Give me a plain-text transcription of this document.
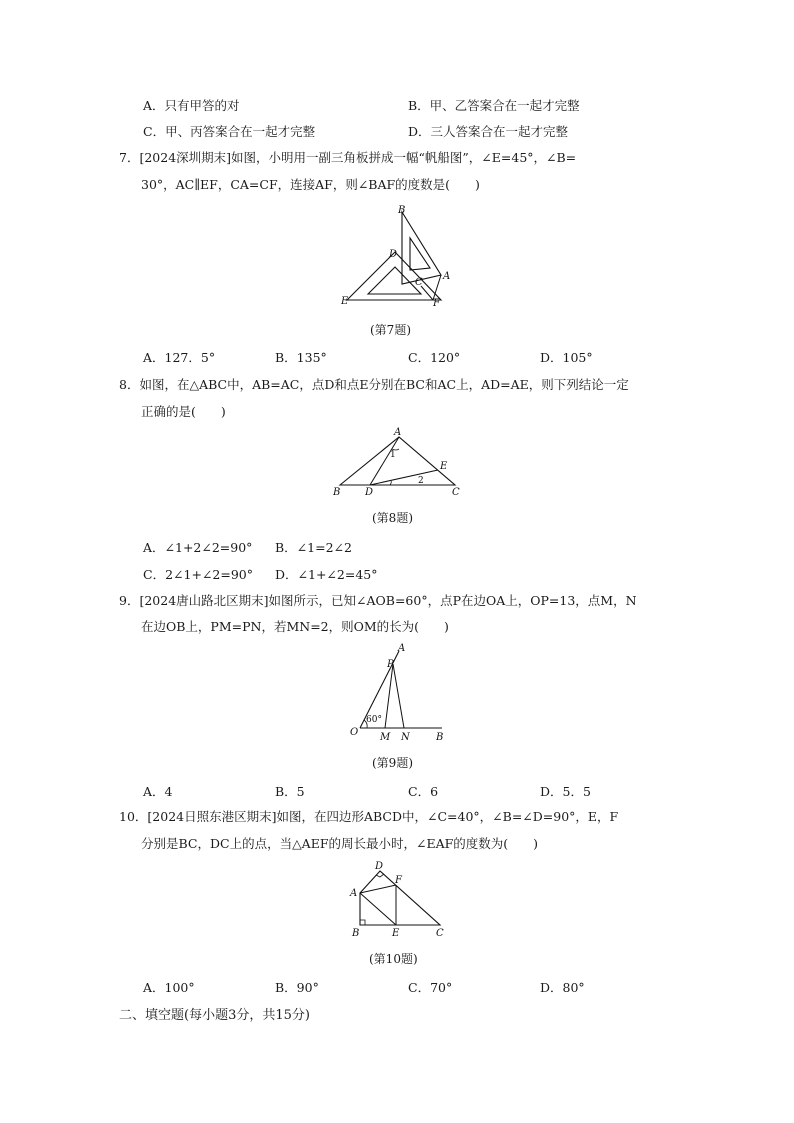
A．只有甲答的对	B．甲、乙答案合在一起才完整
C．甲、丙答案合在一起才完整	D．三人答案合在一起才完整
7．[2024深圳期末]如图，小明用一副三角板拼成一幅“帆船图”，∠E=45°，∠B=
30°，AC∥EF，CA=CF，连接AF，则∠BAF的度数是(　　)
B
D
A
C
E	F
(第7题)
A．127．5°	B．135°	C．120°	D．105°
8．如图，在△ABC中，AB=AC，点D和点E分别在BC和AC上，AD=AE，则下列结论一定
正确的是(　　)
A
1
E
2
B D	C
(第8题)
A．∠1+2∠2=90° B．∠1=2∠2
C．2∠1+∠2=90° D．∠1+∠2=45°
9．[2024唐山路北区期末]如图所示，已知∠AOB=60°，点P在边OA上，OP=13，点M，N
在边OB上，PM=PN，若MN=2，则OM的长为(　　)
A
P
60°
O M N	B
(第9题)
A．4	B．5	C．6	D．5．5
10．[2024日照东港区期末]如图，在四边形ABCD中，∠C=40°，∠B=∠D=90°，E，F
分别是BC，DC上的点，当△AEF的周长最小时，∠EAF的度数为(　　)
D
F
A
B	E	C
(第10题)
A．100°	B．90°	C．70°	D．80°
二、填空题(每小题3分，共15分)
